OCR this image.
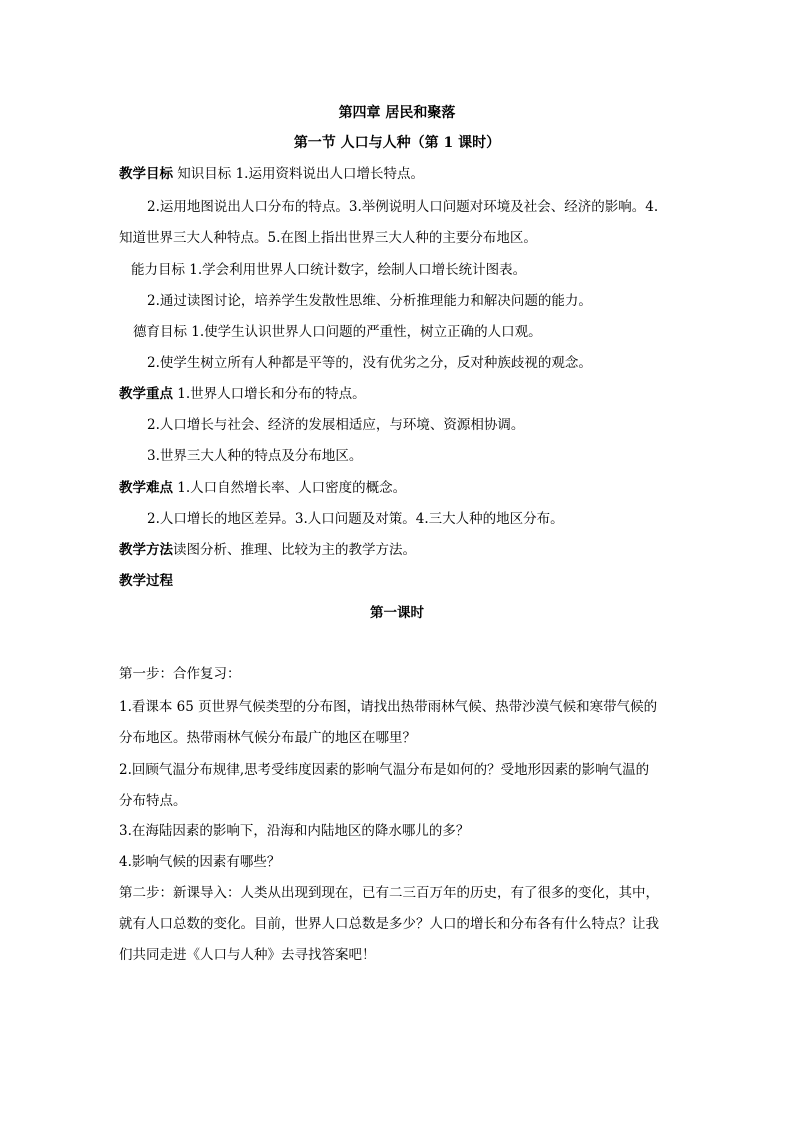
第四章 居民和聚落
第一节 人口与人种（第 1 课时）
教学目标 知识目标 1.运用资料说出人口增长特点。
2.运用地图说出人口分布的特点。3.举例说明人口问题对环境及社会、经济的影响。4.
知道世界三大人种特点。5.在图上指出世界三大人种的主要分布地区。
能力目标 1.学会利用世界人口统计数字，绘制人口增长统计图表。
2.通过读图讨论，培养学生发散性思维、分析推理能力和解决问题的能力。
德育目标 1.使学生认识世界人口问题的严重性，树立正确的人口观。
2.使学生树立所有人种都是平等的，没有优劣之分，反对种族歧视的观念。
教学重点 1.世界人口增长和分布的特点。
2.人口增长与社会、经济的发展相适应，与环境、资源相协调。
3.世界三大人种的特点及分布地区。
教学难点 1.人口自然增长率、人口密度的概念。
2.人口增长的地区差异。3.人口问题及对策。4.三大人种的地区分布。
教学方法读图分析、推理、比较为主的教学方法。
教学过程
第一课时
第一步：合作复习：
1.看课本 65 页世界气候类型的分布图，请找出热带雨林气候、热带沙漠气候和寒带气候的
分布地区。热带雨林气候分布最广的地区在哪里？
2.回顾气温分布规律,思考受纬度因素的影响气温分布是如何的？受地形因素的影响气温的
分布特点。
3.在海陆因素的影响下，沿海和内陆地区的降水哪儿的多？
4.影响气候的因素有哪些？
第二步：新课导入：人类从出现到现在，已有二三百万年的历史，有了很多的变化，其中，
就有人口总数的变化。目前，世界人口总数是多少？人口的增长和分布各有什么特点？让我
们共同走进《人口与人种》去寻找答案吧！
